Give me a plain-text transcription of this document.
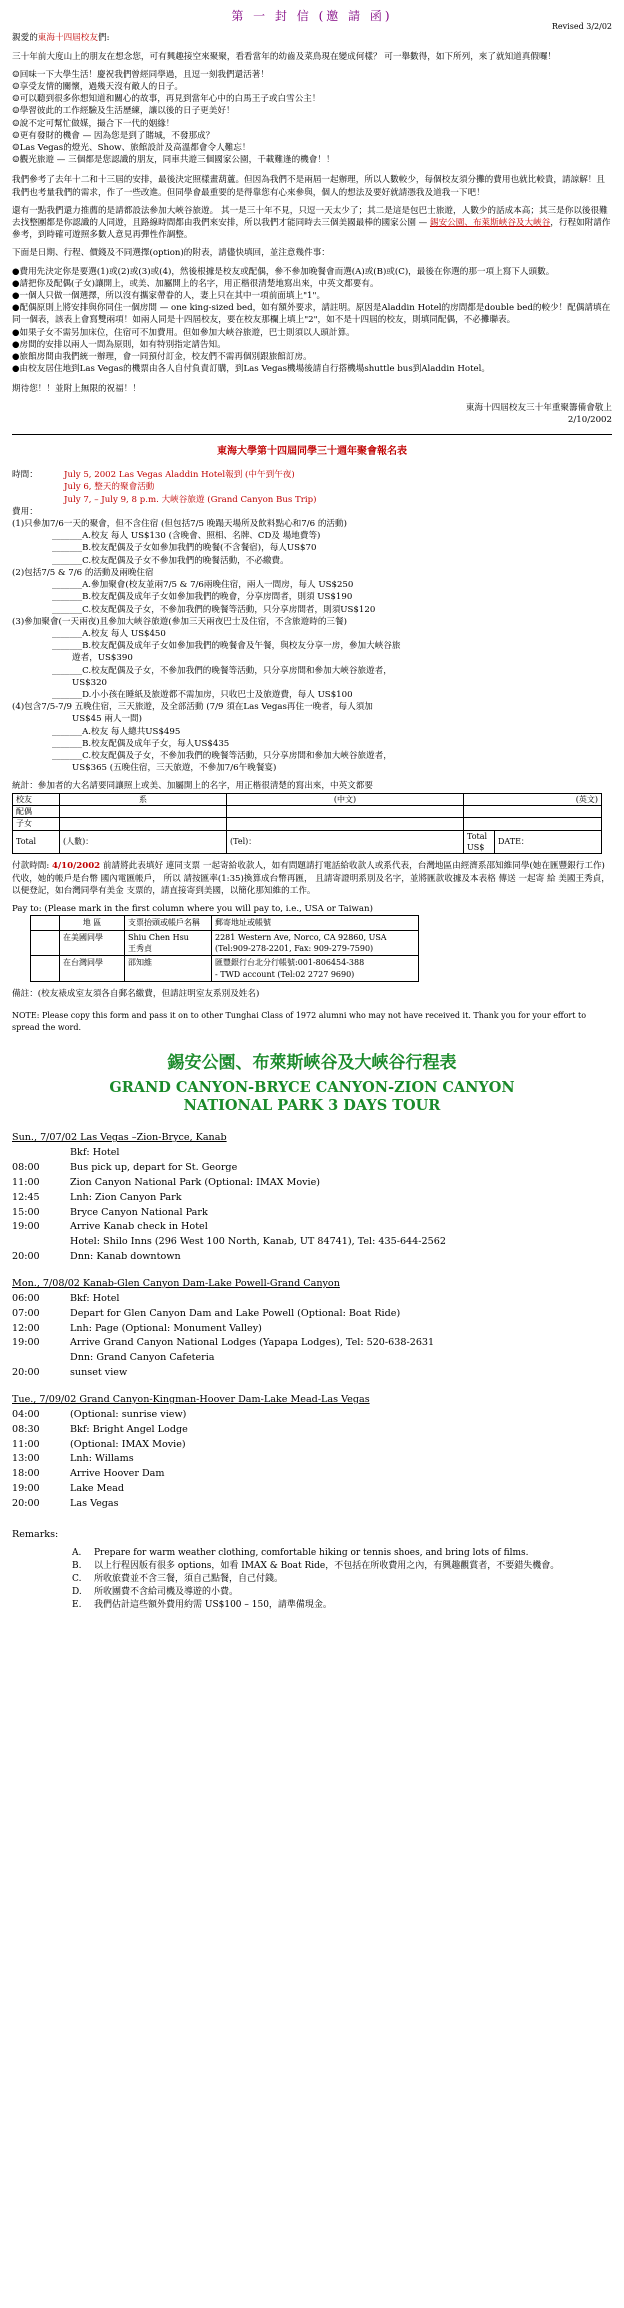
第 一 封 信 (邀 請 函)
Revised 3/2/02

親愛的東海十四屆校友們:

三十年前大度山上的朋友在想念您，可有興趣接空來聚聚，看看當年的幼齒及菜鳥現在變成何樣？ 可一舉數得，如下所列，來了就知道真假囉！

☺回味一下大學生活！慶祝我們曾經同學過，且逗一刻我們還活著！
☺享受友情的關懷，過幾天沒有敵人的日子。
☺可以聽到很多你想知道和關心的故事，再見到當年心中的白馬王子或白雪公主！
☺學習彼此的工作經驗及生活歷練，讓以後的日子更美好！
☺說不定可幫忙做媒，撮合下一代的姻緣！
☺更有發財的機會 — 因為您是到了賭城，不發那成？
☺Las Vegas的燈光、Show、旅館設計及高溫都會令人難忘！
☺觀光旅遊 — 三個都是您認識的朋友，同車共遊三個國家公園，千載難逢的機會！！

我們參考了去年十二和十三屆的安排，最後決定照樣畫葫蘆。但因為我們不是兩屆一起辦理，所以人數較少，每個校友須分攤的費用也就比較貴，請諒解！且我們也考量我們的需求，作了一些改進。但同學會最重要的是得靠您有心來參與，個人的想法及要好就請憑我及道我一下吧！

還有一點我們還力推薦的是請都設法參加大峽谷旅遊。 其一是三十年不見，只逗一天太少了；其二是這是包巴士旅遊，人數少的話成本高；其三是你以後很難去找整團都是你認識的人同遊，且路線時間都由我們來安排，所以我們才能同時去三個美國最棒的國家公園 — 錫安公園、布萊斯峽谷及大峽谷，行程如附請作參考，到時確可遊照多數人意見再彈性作調整。

下面是日期、行程、價錢及不同選擇(option)的附表，請儘快填回，並注意幾件事：

●費用先決定你是要選(1)或(2)或(3)或(4)，然後根據是校友或配偶，參不參加晚餐會而選(A)或(B)或(C)，最後在你選的那一項上寫下人頭數。
●請把你及配偶(子女)讓開上，或美、加屬開上的名字，用正楷很清楚地寫出來，中英文都要有。
●一個人只做一個選擇，所以沒有攜家帶眷的人，妻上只在其中一項前面填上"1"。
●配偶原則上將安排與你同住一個房間 — one king-sized bed，如有額外要求，請註明。原因是Aladdin Hotel的房間都是double bed的較少！配偶請填在同一個表，該表上會寫雙兩項！如兩人同是十四屆校友，要在校友那欄上填上"2"，如不是十四屆的校友，則填同配偶，不必攤聯表。
●如果子女不需另加床位，住宿可不加費用。但如參加大峽谷旅遊，巴士則須以人頭計算。
●房間的安排以兩人一間為原則，如有特別指定請告知。
●旅館房間由我們統一辦理，會一同預付訂金，校友們不需再個別跟旅館訂房。
●由校友居住地到Las Vegas的機票由各人自付負責訂購，到Las Vegas機場後請自行搭機場shuttle bus到Aladdin Hotel。

期待您！！並附上無限的祝福！！

東海十四屆校友三十年重聚籌備會敬上
2/10/2002
東海大學第十四屆同學三十週年聚會報名表
時間：	July 5, 2002 Las Vegas Aladdin Hotel報到 (中午到午夜)
July 6, 整天的聚會活動
July 7, – July 9, 8 p.m. 大峽谷旅遊 (Grand Canyon Bus Trip)
費用：
(1)只參加7/6一天的聚會，但不含住宿 (但包括7/5 晚蹋天場所及飲料點心和7/6 的活動)
_______A.校友 每人 US$130 (含晚會、照相、名牌、CD及 場地費等)
_______B.校友配偶及子女如參加我們的晚餐(不含餐宿)，每人US$70
_______C.校友配偶及子女不參加我們的晚餐活動，不必繳費。
(2)包括7/5 & 7/6 的活動及兩晚住宿
_______A.參加聚會(校友並兩7/5 & 7/6兩晚住宿，兩人一間房，每人 US$250
_______B.校友配偶及成年子女如參加我們的晚會，分享房間者，則須 US$190
_______C.校友配偶及子女，不參加我們的晚餐等活動，只分享房間者，則須US$120
(3)參加聚會(一天兩夜)且參加大峽谷旅遊(參加三天兩夜巴士及住宿，不含旅遊時的三餐)
_______A.校友 每人 US$450
_______B.校友配偶及成年子女如參加我們的晚餐會及午餐，與校友分享一房，參加大峽谷旅
遊者，US$390
_______C.校友配偶及子女，不參加我們的晚餐等活動，只分享房間和參加大峽谷旅遊者，
US$320
_______D.小小孩在睡紙及旅遊都不需加房，只收巴士及旅遊費，每人 US$100
(4)包含7/5-7/9 五晚住宿，三天旅遊，及全部活動 (7/9 須在Las Vegas再住一晚者，每人須加
US$45 兩人一間)
_______A.校友 每人總共US$495
_______B.校友配偶及成年子女，每人US$435
_______C.校友配偶及子女，不參加我們的晚餐等活動，只分享房間和參加大峽谷旅遊者，
US$365 (五晚住宿，三天旅遊，不參加7/6午晚餐宴)
統計：參加者的大名請要同讓照上或美、加屬開上的名字，用正楷很清楚的寫出來，中英文都要
校友	系	(中文)	(英文)	
配偶				
子女				
Total	(人數)：	(Tel)：	Total US$	DATE：

付款時間: 4/10/2002 前請將此表填好 連同支票 一起寄給收款人，如有問題請打電話給收款人或系代表，台灣地區由經濟系邵知維同學(她在匯豐銀行工作)代收，她的帳戶是台幣 國內電匯帳戶， 所以 請按匯率(1:35)換算成台幣再匯， 且請寄證明系別及名字，並將匯款收據及本表格 傳送 一起寄 給 美國王秀貞，以便登記，如台灣同學有美金 支票的，請直接寄到美國，以簡化那知維的工作。

Pay to: (Please mark in the first column where you will pay to, i.e., USA or Taiwan)
	地 區	支票抬頭或帳戶名稱	郵寄地址或帳號
	在美國同學	Shiu Chen Hsu
王秀貞	2281 Western Ave, Norco, CA 92860, USA
(Tel:909-278-2201, Fax: 909-279-7590)
	在台灣同學	邵知維	匯豐銀行台北分行帳號:001-806454-388
- TWD account (Tel:02 2727 9690)

備註：(校友裱成室友須各自郵名繳費，但請註明室友系別及姓名)

NOTE: Please copy this form and pass it on to other Tunghai Class of 1972 alumni who may not have received it. Thank you for your effort to spread the word.

錫安公園、布萊斯峽谷及大峽谷行程表
GRAND CANYON-BRYCE CANYON-ZION CANYON
NATIONAL PARK 3 DAYS TOUR
Sun., 7/07/02 Las Vegas –Zion-Bryce, Kanab
Bkf: Hotel
08:00	Bus pick up, depart for St. George
11:00	Zion Canyon National Park (Optional: IMAX Movie)
12:45	Lnh: Zion Canyon Park
15:00	Bryce Canyon National Park
19:00	Arrive Kanab check in Hotel
Hotel: Shilo Inns (296 West 100 North, Kanab, UT 84741), Tel: 435-644-2562
20:00	Dnn: Kanab downtown
Mon., 7/08/02 Kanab-Glen Canyon Dam-Lake Powell-Grand Canyon
06:00	Bkf: Hotel
07:00	Depart for Glen Canyon Dam and Lake Powell (Optional: Boat Ride)
12:00	Lnh: Page (Optional: Monument Valley)
19:00	Arrive Grand Canyon National Lodges (Yapapa Lodges), Tel: 520-638-2631
Dnn: Grand Canyon Cafeteria
20:00	sunset view
Tue., 7/09/02 Grand Canyon-Kingman-Hoover Dam-Lake Mead-Las Vegas
04:00	(Optional: sunrise view)
08:30	Bkf: Bright Angel Lodge
11:00	(Optional: IMAX Movie)
13:00	Lnh: Willams
18:00	Arrive Hoover Dam
19:00	Lake Mead
20:00	Las Vegas
Remarks:
A.	Prepare for warm weather clothing, comfortable hiking or tennis shoes, and bring lots of films.
B.	以上行程因版有很多 options，如看 IMAX & Boat Ride，不包括在所收費用之內，有興趣觀賞者，不要錯失機會。
C.	所收旅費並不含三餐，須自己點餐，自己付錢。
D.	所收團費不含給司機及導遊的小費。
E.	我們估計這些額外費用約需 US$100 – 150，請準備現金。
